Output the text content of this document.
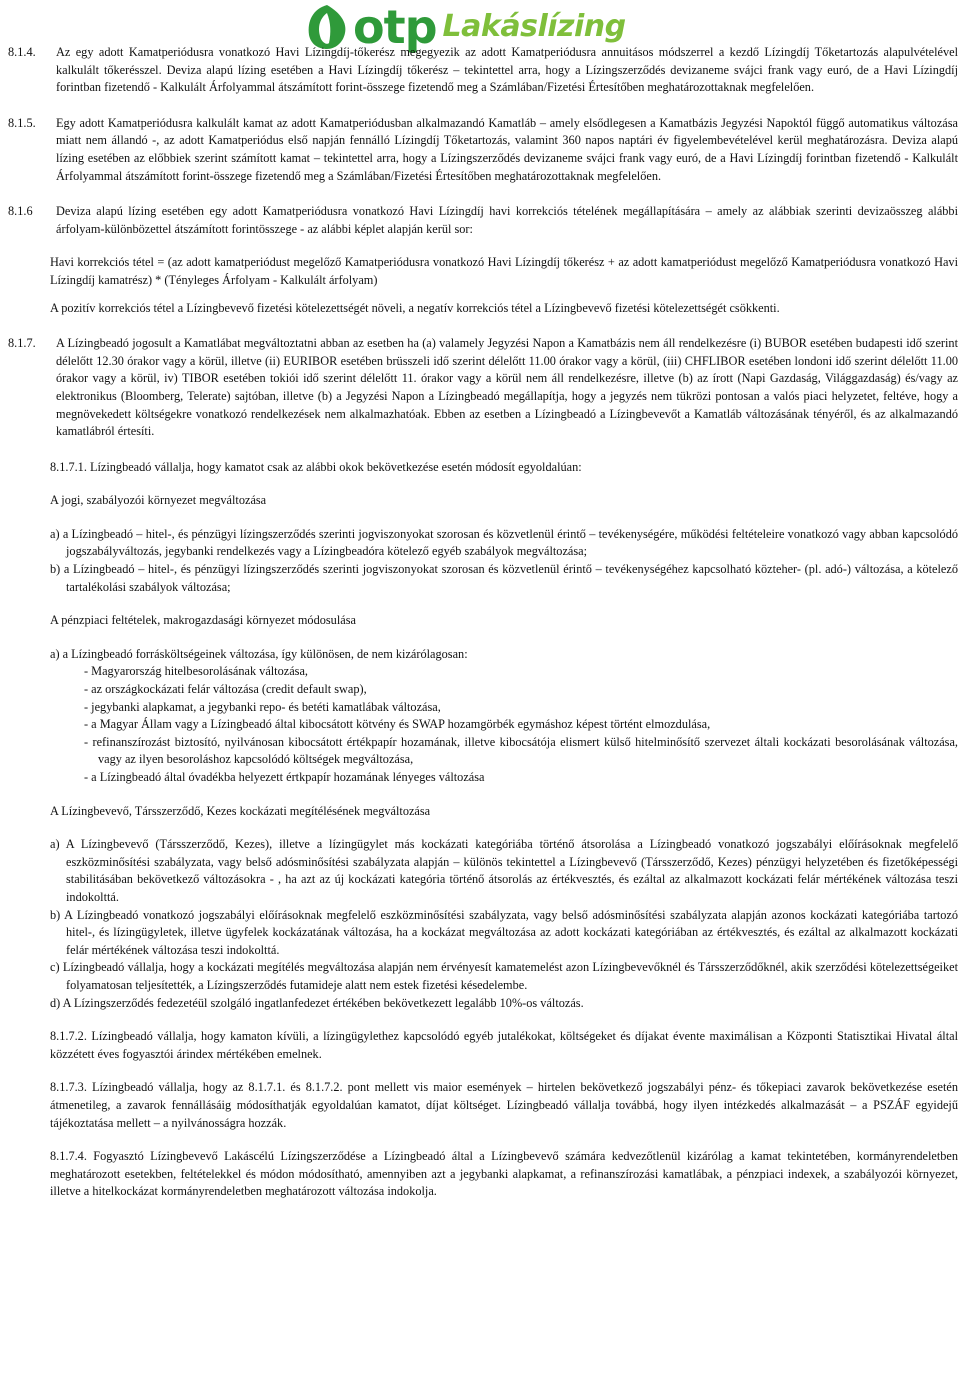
otp Lakáslízing
8.1.4.	Az egy adott Kamatperiódusra vonatkozó Havi Lízingdíj-tőkerész megegyezik az adott Kamatperiódusra annuitásos módszerrel a kezdő Lízingdíj Tőketartozás alapulvételével kalkulált tőkerésszel. Deviza alapú lízing esetében a Havi Lízingdíj tőkerész – tekintettel arra, hogy a Lízingszerződés devizaneme svájci frank vagy euró, de a Havi Lízingdíj forintban fizetendő - Kalkulált Árfolyammal átszámított forint-összege fizetendő meg a Számlában/Fizetési Értesítőben meghatározottaknak megfelelően.
8.1.5.	Egy adott Kamatperiódusra kalkulált kamat az adott Kamatperiódusban alkalmazandó Kamatláb – amely elsődlegesen a Kamatbázis Jegyzési Napoktól függő automatikus változása miatt nem állandó -, az adott Kamatperiódus első napján fennálló Lízingdíj Tőketartozás, valamint 360 napos naptári év figyelembevételével kerül meghatározásra. Deviza alapú lízing esetében az előbbiek szerint számított kamat – tekintettel arra, hogy a Lízingszerződés devizaneme svájci frank vagy euró, de a Havi Lízingdíj forintban fizetendő - Kalkulált Árfolyammal átszámított forint-összege fizetendő meg a Számlában/Fizetési Értesítőben meghatározottaknak megfelelően.
8.1.6	Deviza alapú lízing esetében egy adott Kamatperiódusra vonatkozó Havi Lízingdíj havi korrekciós tételének megállapítására – amely az alábbiak szerinti devizaösszeg alábbi árfolyam-különbözettel átszámított forintösszege - az alábbi képlet alapján kerül sor:

Havi korrekciós tétel = (az adott kamatperiódust megelőző Kamatperiódusra vonatkozó Havi Lízingdíj tőkerész + az adott kamatperiódust megelőző Kamatperiódusra vonatkozó Havi Lízingdíj kamatrész) * (Tényleges Árfolyam - Kalkulált árfolyam)

A pozitív korrekciós tétel a Lízingbevevő fizetési kötelezettségét növeli, a negatív korrekciós tétel a Lízingbevevő fizetési kötelezettségét csökkenti.

8.1.7.	A Lízingbeadó jogosult a Kamatlábat megváltoztatni abban az esetben ha (a) valamely Jegyzési Napon a Kamatbázis nem áll rendelkezésre (i) BUBOR esetében budapesti idő szerint délelőtt 12.30 órakor vagy a körül, illetve (ii) EURIBOR esetében brüsszeli idő szerint délelőtt 11.00 órakor vagy a körül, (iii) CHFLIBOR esetében londoni idő szerint délelőtt 11.00 órakor vagy a körül, iv) TIBOR esetében tokiói idő szerint délelőtt 11. órakor vagy a körül nem áll rendelkezésre, illetve (b) az írott (Napi Gazdaság, Világgazdaság) és/vagy az elektronikus (Bloomberg, Telerate) sajtóban, illetve (b) a Jegyzési Napon a Lízingbeadó megállapítja, hogy a jegyzés nem tükrözi pontosan a valós piaci helyzetet, feltéve, hogy a megnövekedett költségekre vonatkozó rendelkezések nem alkalmazhatóak. Ebben az esetben a Lízingbeadó a Lízingbevevőt a Kamatláb változásának tényéről, és az alkalmazandó kamatlábról értesíti.

8.1.7.1. Lízingbeadó vállalja, hogy kamatot csak az alábbi okok bekövetkezése esetén módosít egyoldalúan:

A jogi, szabályozói környezet megváltozása

a) a Lízingbeadó – hitel-, és pénzügyi lízingszerződés szerinti jogviszonyokat szorosan és közvetlenül érintő – tevékenységére, működési feltételeire vonatkozó vagy abban kapcsolódó jogszabályváltozás, jegybanki rendelkezés vagy a Lízingbeadóra kötelező egyéb szabályok megváltozása;

b) a Lízingbeadó – hitel-, és pénzügyi lízingszerződés szerinti jogviszonyokat szorosan és közvetlenül érintő – tevékenységéhez kapcsolható közteher- (pl. adó-) változása, a kötelező tartalékolási szabályok változása;

A pénzpiaci feltételek, makrogazdasági környezet módosulása

a) a Lízingbeadó forrásköltségeinek változása, így különösen, de nem kizárólagosan:

- Magyarország hitelbesorolásának változása,

- az országkockázati felár változása (credit default swap),

- jegybanki alapkamat, a jegybanki repo- és betéti kamatlábak változása,

- a Magyar Állam vagy a Lízingbeadó által kibocsátott kötvény és SWAP hozamgörbék egymáshoz képest történt elmozdulása,

- refinanszírozást biztosító, nyilvánosan kibocsátott értékpapír hozamának, illetve kibocsátója elismert külső hitelminősítő szervezet általi kockázati besorolásának változása, vagy az ilyen besoroláshoz kapcsolódó költségek megváltozása,

- a Lízingbeadó által óvadékba helyezett értkpapír hozamának lényeges változása

A Lízingbevevő, Társszerződő, Kezes kockázati megítélésének megváltozása

a) A Lízingbevevő (Társszerződő, Kezes), illetve a lízingügylet más kockázati kategóriába történő átsorolása a Lízingbeadó vonatkozó jogszabályi előírásoknak megfelelő eszközminősítési szabályzata, vagy belső adósminősítési szabályzata alapján – különös tekintettel a Lízingbevevő (Társszerződő, Kezes) pénzügyi helyzetében és fizetőképességi stabilitásában bekövetkező változásokra - , ha azt az új kockázati kategória történő átsorolás az értékvesztés, és ezáltal az alkalmazott kockázati felár mértékének változása teszi indokolttá.

b) A Lízingbeadó vonatkozó jogszabályi előírásoknak megfelelő eszközminősítési szabályzata, vagy belső adósminősítési szabályzata alapján azonos kockázati kategóriába tartozó hitel-, és lízingügyletek, illetve ügyfelek kockázatának változása, ha a kockázat megváltozása az adott kockázati kategóriában az értékvesztés, és ezáltal az alkalmazott kockázati felár mértékének változása teszi indokolttá.

c) Lízingbeadó vállalja, hogy a kockázati megítélés megváltozása alapján nem érvényesít kamatemelést azon Lízingbevevőknél és Társszerződőknél, akik szerződési kötelezettségeiket folyamatosan teljesítették, a Lízingszerződés futamideje alatt nem estek fizetési késedelembe.

d) A Lízingszerződés fedezetéül szolgáló ingatlanfedezet értékében bekövetkezett legalább 10%-os változás.

8.1.7.2. Lízingbeadó vállalja, hogy kamaton kívüli, a lízingügylethez kapcsolódó egyéb jutalékokat, költségeket és díjakat évente maximálisan a Központi Statisztikai Hivatal által közzétett éves fogyasztói árindex mértékében emelnek.

8.1.7.3. Lízingbeadó vállalja, hogy az 8.1.7.1. és 8.1.7.2. pont mellett vis maior események – hirtelen bekövetkező jogszabályi pénz- és tőkepiaci zavarok bekövetkezése esetén átmenetileg, a zavarok fennállásáig módosíthatják egyoldalúan kamatot, díjat költséget. Lízingbeadó vállalja továbbá, hogy ilyen intézkedés alkalmazását – a PSZÁF egyidejű tájékoztatása mellett – a nyilvánosságra hozzák.

8.1.7.4. Fogyasztó Lízingbevevő Lakáscélú Lízingszerződése a Lízingbeadó által a Lízingbevevő számára kedvezőtlenül kizárólag a kamat tekintetében, kormányrendeletben meghatározott esetekben, feltételekkel és módon módosítható, amennyiben azt a jegybanki alapkamat, a refinanszírozási kamatlábak, a pénzpiaci indexek, a szabályozói környezet, illetve a hitelkockázat kormányrendeletben meghatározott változása indokolja.
